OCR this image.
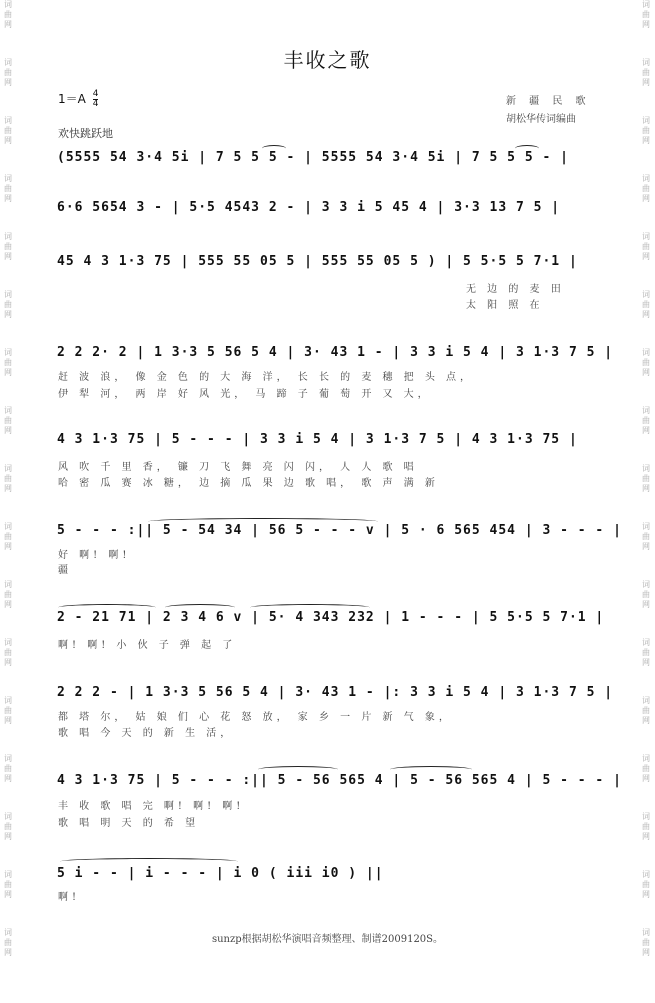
词
曲
网
词
曲
网
词
曲
网
词
曲
网
词
曲
网
词
曲
网
词
曲
网
词
曲
网
词
曲
网
词
曲
网
词
曲
网
词
曲
网
词
曲
网
词
曲
网
词
曲
网
词
曲
网
词
曲
网
词
曲
网
词
曲
网
词
曲
网
词
曲
网
词
曲
网
词
曲
网
词
曲
网
词
曲
网
词
曲
网
词
曲
网
词
曲
网
词
曲
网
词
曲
网
词
曲
网
词
曲
网
词
曲
网
词
曲
网
丰收之歌
$1=A \frac{4}{4}$	新 疆 民 歌
胡松华传词编曲
欢快跳跃地
(5555 54 3·4 5i | 7 5 5 5 - | 5555 54 3·4 5i | 7 5 5 5 - |
6·6 5654 3 - | 5·5 4543 2 - | 3 3 i 5 45 4 | 3·3 13 7 5 |
45 4 3 1·3 75 | 555 55 05 5 | 555 55 05 5 ) | 5 5·5 5 7·1 |
无 边 的 麦 田
太 阳 照 在
2 2 2· 2 | 1 3·3 5 56 5 4 | 3· 43 1 - | 3 3 i 5 4 | 3 1·3 7 5 |
赶 波 浪， 像 金 色 的 大 海 洋， 长 长 的 麦 穗 把 头 点，
伊 犁 河， 两 岸 好 风 光， 马 蹄 子 葡 萄 开 又 大，
4 3 1·3 75 | 5 - - - | 3 3 i 5 4 | 3 1·3 7 5 | 4 3 1·3 75 |
风 吹 千 里 香， 镰 刀 飞 舞 亮 闪 闪， 人 人 歌 唱
哈 密 瓜 赛 冰 糖， 边 摘 瓜 果 边 歌 唱， 歌 声 满 新
5 - - - :|| 5 - 54 34 | 56 5 - - - v | 5 · 6 565 454 | 3 - - - |
好 啊! 啊!
疆
2 - 21 71 | 2 3 4 6 v | 5· 4 343 232 | 1 - - - | 5 5·5 5 7·1 |
啊! 啊! 小 伙 子 弹 起 了
2 2 2 - | 1 3·3 5 56 5 4 | 3· 43 1 - |: 3 3 i 5 4 | 3 1·3 7 5 |
都 塔 尔， 姑 娘 们 心 花 怒 放， 家 乡 一 片 新 气 象，
歌 唱 今 天 的 新 生 活，
4 3 1·3 75 | 5 - - - :|| 5 - 56 565 4 | 5 - 56 565 4 | 5 - - - |
丰 收 歌 唱 完 啊! 啊! 啊!
歌 唱 明 天 的 希 望
5 i - - | i - - - | i 0 ( iii i0 ) ||
啊!
sunzp根据胡松华演唱音频整理、制谱2009120S。
